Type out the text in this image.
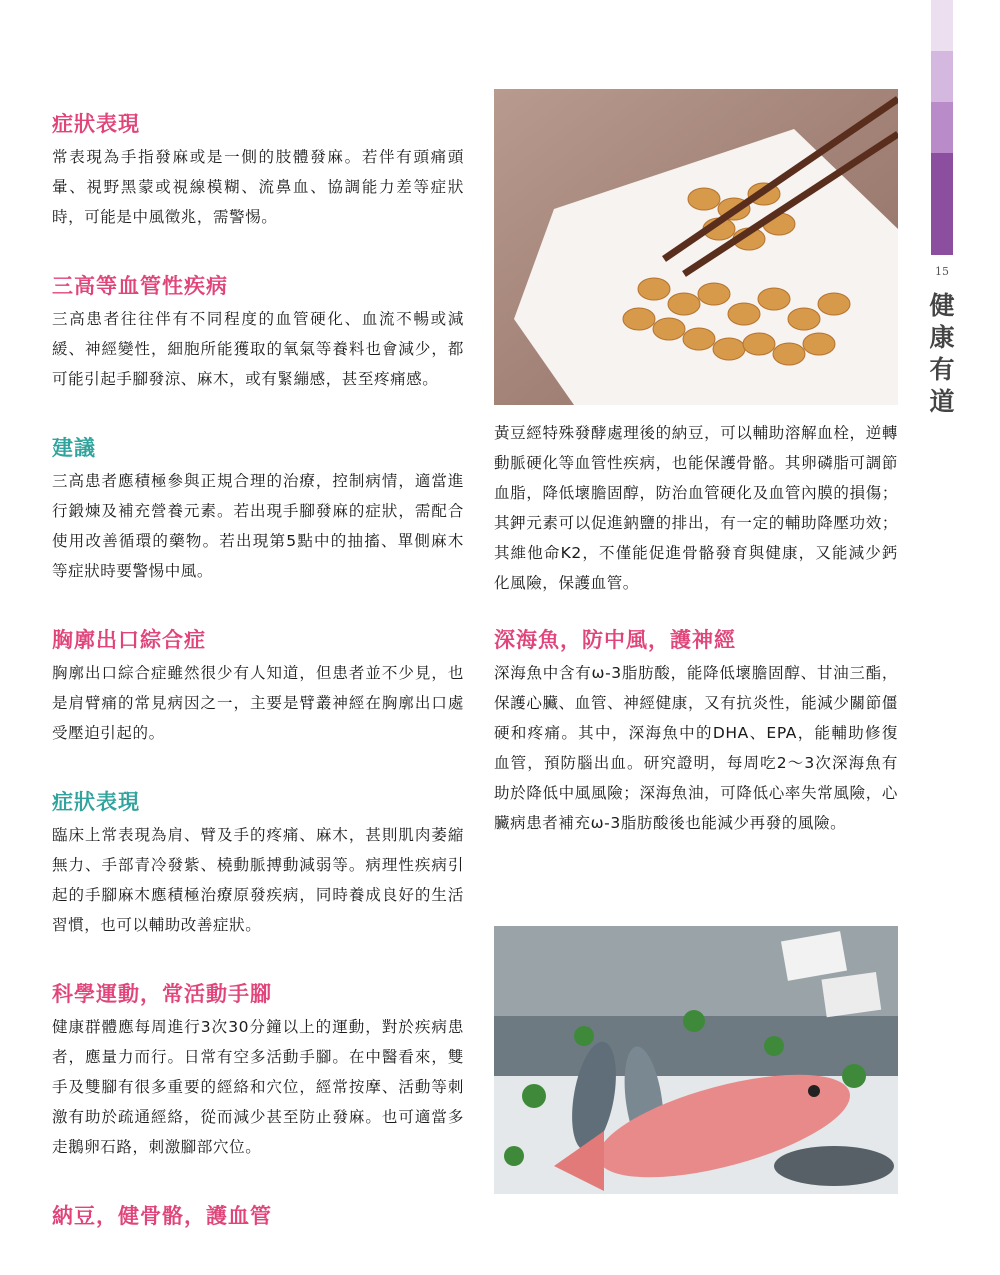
15
健
康
有
道
症狀表現

常表現為手指發麻或是一側的肢體發麻。若伴有頭痛頭暈、視野黑蒙或視線模糊、流鼻血、協調能力差等症狀時，可能是中風徵兆，需警惕。

三高等血管性疾病

三高患者往往伴有不同程度的血管硬化、血流不暢或減緩、神經變性，細胞所能獲取的氧氣等養料也會減少，都可能引起手腳發涼、麻木，或有緊繃感，甚至疼痛感。

建議

三高患者應積極參與正規合理的治療，控制病情，適當進行鍛煉及補充營養元素。若出現手腳發麻的症狀，需配合使用改善循環的藥物。若出現第5點中的抽搐、單側麻木等症狀時要警惕中風。

胸廓出口綜合症

胸廓出口綜合症雖然很少有人知道，但患者並不少見，也是肩臂痛的常見病因之一，主要是臂叢神經在胸廓出口處受壓迫引起的。

症狀表現

臨床上常表現為肩、臂及手的疼痛、麻木，甚則肌肉萎縮無力、手部青冷發紫、橈動脈搏動減弱等。病理性疾病引起的手腳麻木應積極治療原發疾病，同時養成良好的生活習慣，也可以輔助改善症狀。

科學運動，常活動手腳

健康群體應每周進行3次30分鐘以上的運動，對於疾病患者，應量力而行。日常有空多活動手腳。在中醫看來，雙手及雙腳有很多重要的經絡和穴位，經常按摩、活動等刺激有助於疏通經絡，從而減少甚至防止發麻。也可適當多走鵝卵石路，刺激腳部穴位。

納豆，健骨骼，護血管

黃豆經特殊發酵處理後的納豆，可以輔助溶解血栓，逆轉動脈硬化等血管性疾病，也能保護骨骼。其卵磷脂可調節血脂，降低壞膽固醇，防治血管硬化及血管內膜的損傷；其鉀元素可以促進鈉鹽的排出，有一定的輔助降壓功效；其維他命K2，不僅能促進骨骼發育與健康，又能減少鈣化風險，保護血管。

深海魚，防中風，護神經

深海魚中含有ω-3脂肪酸，能降低壞膽固醇、甘油三酯，保護心臟、血管、神經健康，又有抗炎性，能減少關節僵硬和疼痛。其中，深海魚中的DHA、EPA，能輔助修復血管，預防腦出血。研究證明，每周吃2～3次深海魚有助於降低中風風險；深海魚油，可降低心率失常風險，心臟病患者補充ω-3脂肪酸後也能減少再發的風險。
